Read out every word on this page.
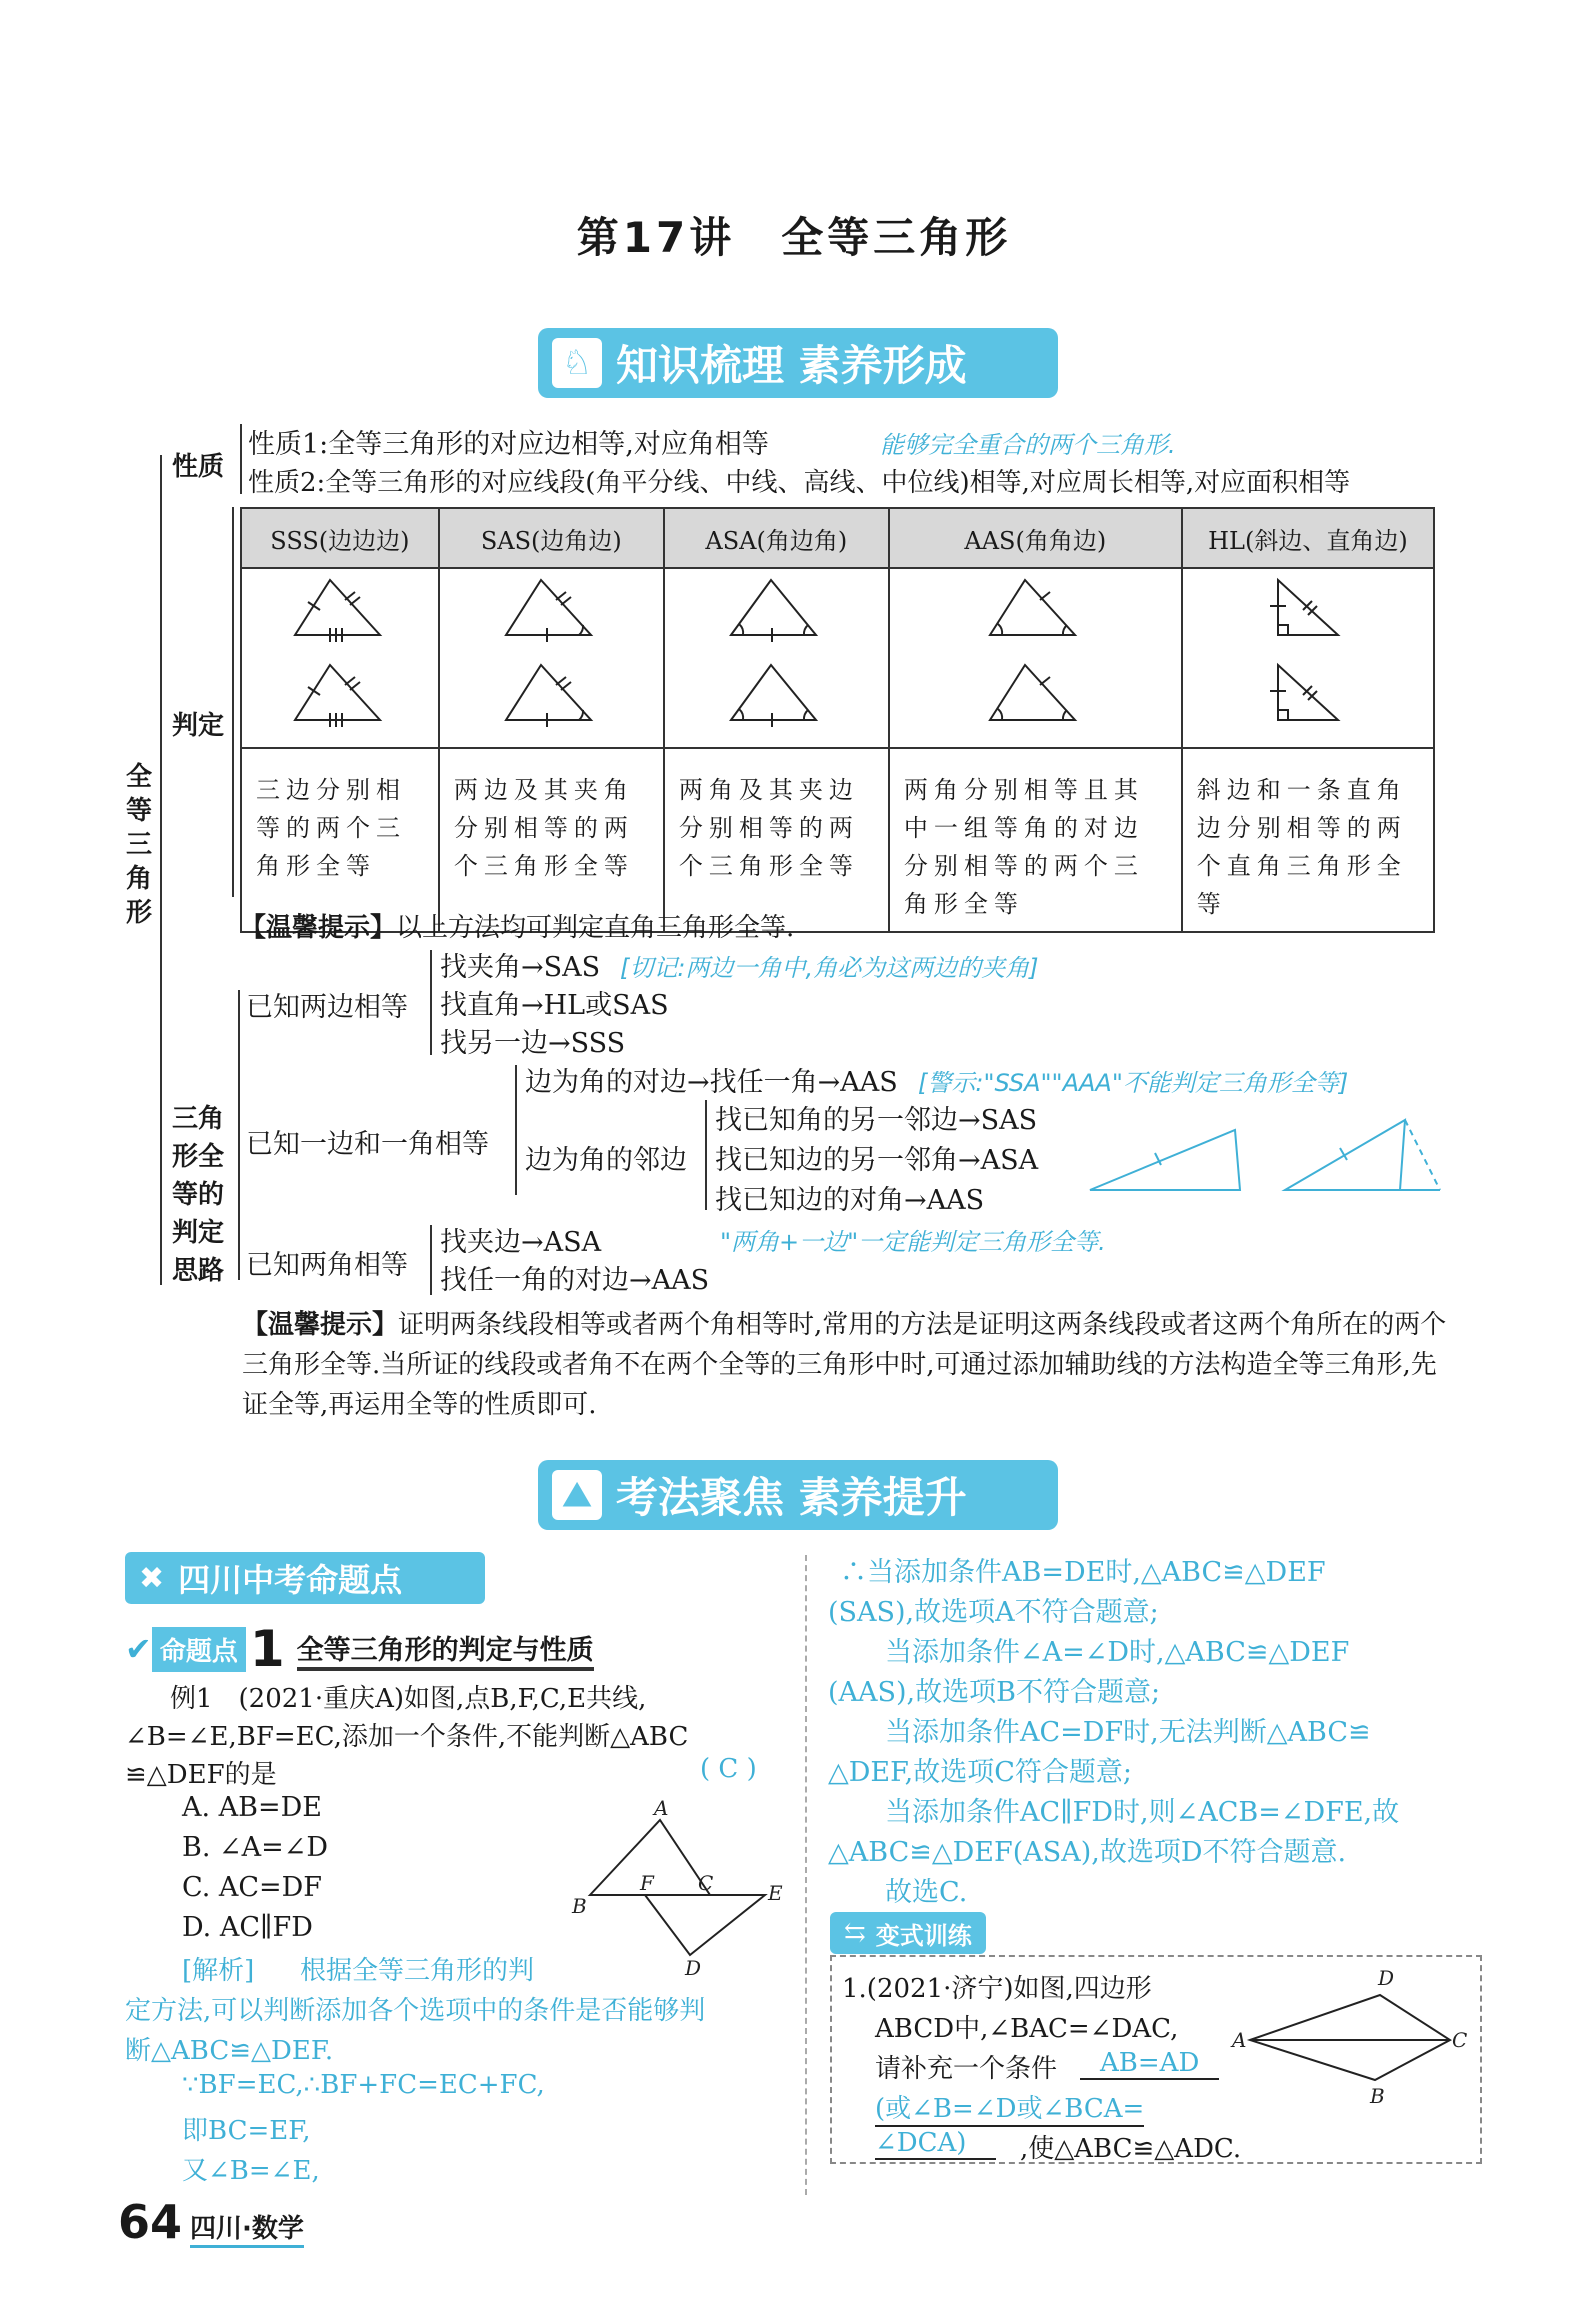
第17讲　全等三角形
♘ 知识梳理 素养形成
全等三角形
性质
性质1:全等三角形的对应边相等,对应角相等	能够完全重合的两个三角形.
性质2:全等三角形的对应线段(角平分线、中线、高线、中位线)相等,对应周长相等,对应面积相等
判定
SSS(边边边)	SAS(边角边)	ASA(角边角)	AAS(角角边)	HL(斜边、直角边)

三边分别相等的两个三角形全等	两边及其夹角分别相等的两个三角形全等	两角及其夹边分别相等的两个三角形全等	两角分别相等且其中一组等角的对边分别相等的两个三角形全等	斜边和一条直角边分别相等的两个直角三角形全等
【温馨提示】以上方法均可判定直角三角形全等.
三角形全等的判定思路
已知两边相等
找夹角→SAS [切记:两边一角中,角必为这两边的夹角]
找直角→HL或SAS
找另一边→SSS
已知一边和一角相等
边为角的对边→找任一角→AAS [警示:"SSA""AAA"不能判定三角形全等]
边为角的邻边
找已知角的另一邻边→SAS
找已知边的另一邻角→ASA
找已知边的对角→AAS
已知两角相等
找夹边→ASA	"两角+一边"一定能判定三角形全等.
找任一角的对边→AAS
【温馨提示】证明两条线段相等或者两个角相等时,常用的方法是证明这两条线段或者这两个角所在的两个三角形全等.当所证的线段或者角不在两个全等的三角形中时,可通过添加辅助线的方法构造全等三角形,先证全等,再运用全等的性质即可.
⛰ 考法聚焦 素养提升
✖ 四川中考命题点
✔ 命题点 1 全等三角形的判定与性质
例1　(2021·重庆A)如图,点B,F,C,E共线,
∠B=∠E,BF=EC,添加一个条件,不能判断△ABC
≌△DEF的是	( C )
A. AB=DE
B. ∠A=∠D
C. AC=DF
D. AC∥FD
A
B
F C	E
D
[解析] 根据全等三角形的判
定方法,可以判断添加各个选项中的条件是否能够判
断△ABC≌△DEF.
∵BF=EC,∴BF+FC=EC+FC,
即BC=EF,
又∠B=∠E,
∴当添加条件AB=DE时,△ABC≌△DEF
(SAS),故选项A不符合题意;
当添加条件∠A=∠D时,△ABC≌△DEF
(AAS),故选项B不符合题意;
当添加条件AC=DF时,无法判断△ABC≌
△DEF,故选项C符合题意;
当添加条件AC∥FD时,则∠ACB=∠DFE,故
△ABC≌△DEF(ASA),故选项D不符合题意.
故选C.
⇆ 变式训练
1.(2021·济宁)如图,四边形
ABCD中,∠BAC=∠DAC,
请补充一个条件	AB=AD
(或∠B=∠D或∠BCA=
∠DCA)	,使△ABC≌△ADC.
D
A	C
B
64 四川·数学
